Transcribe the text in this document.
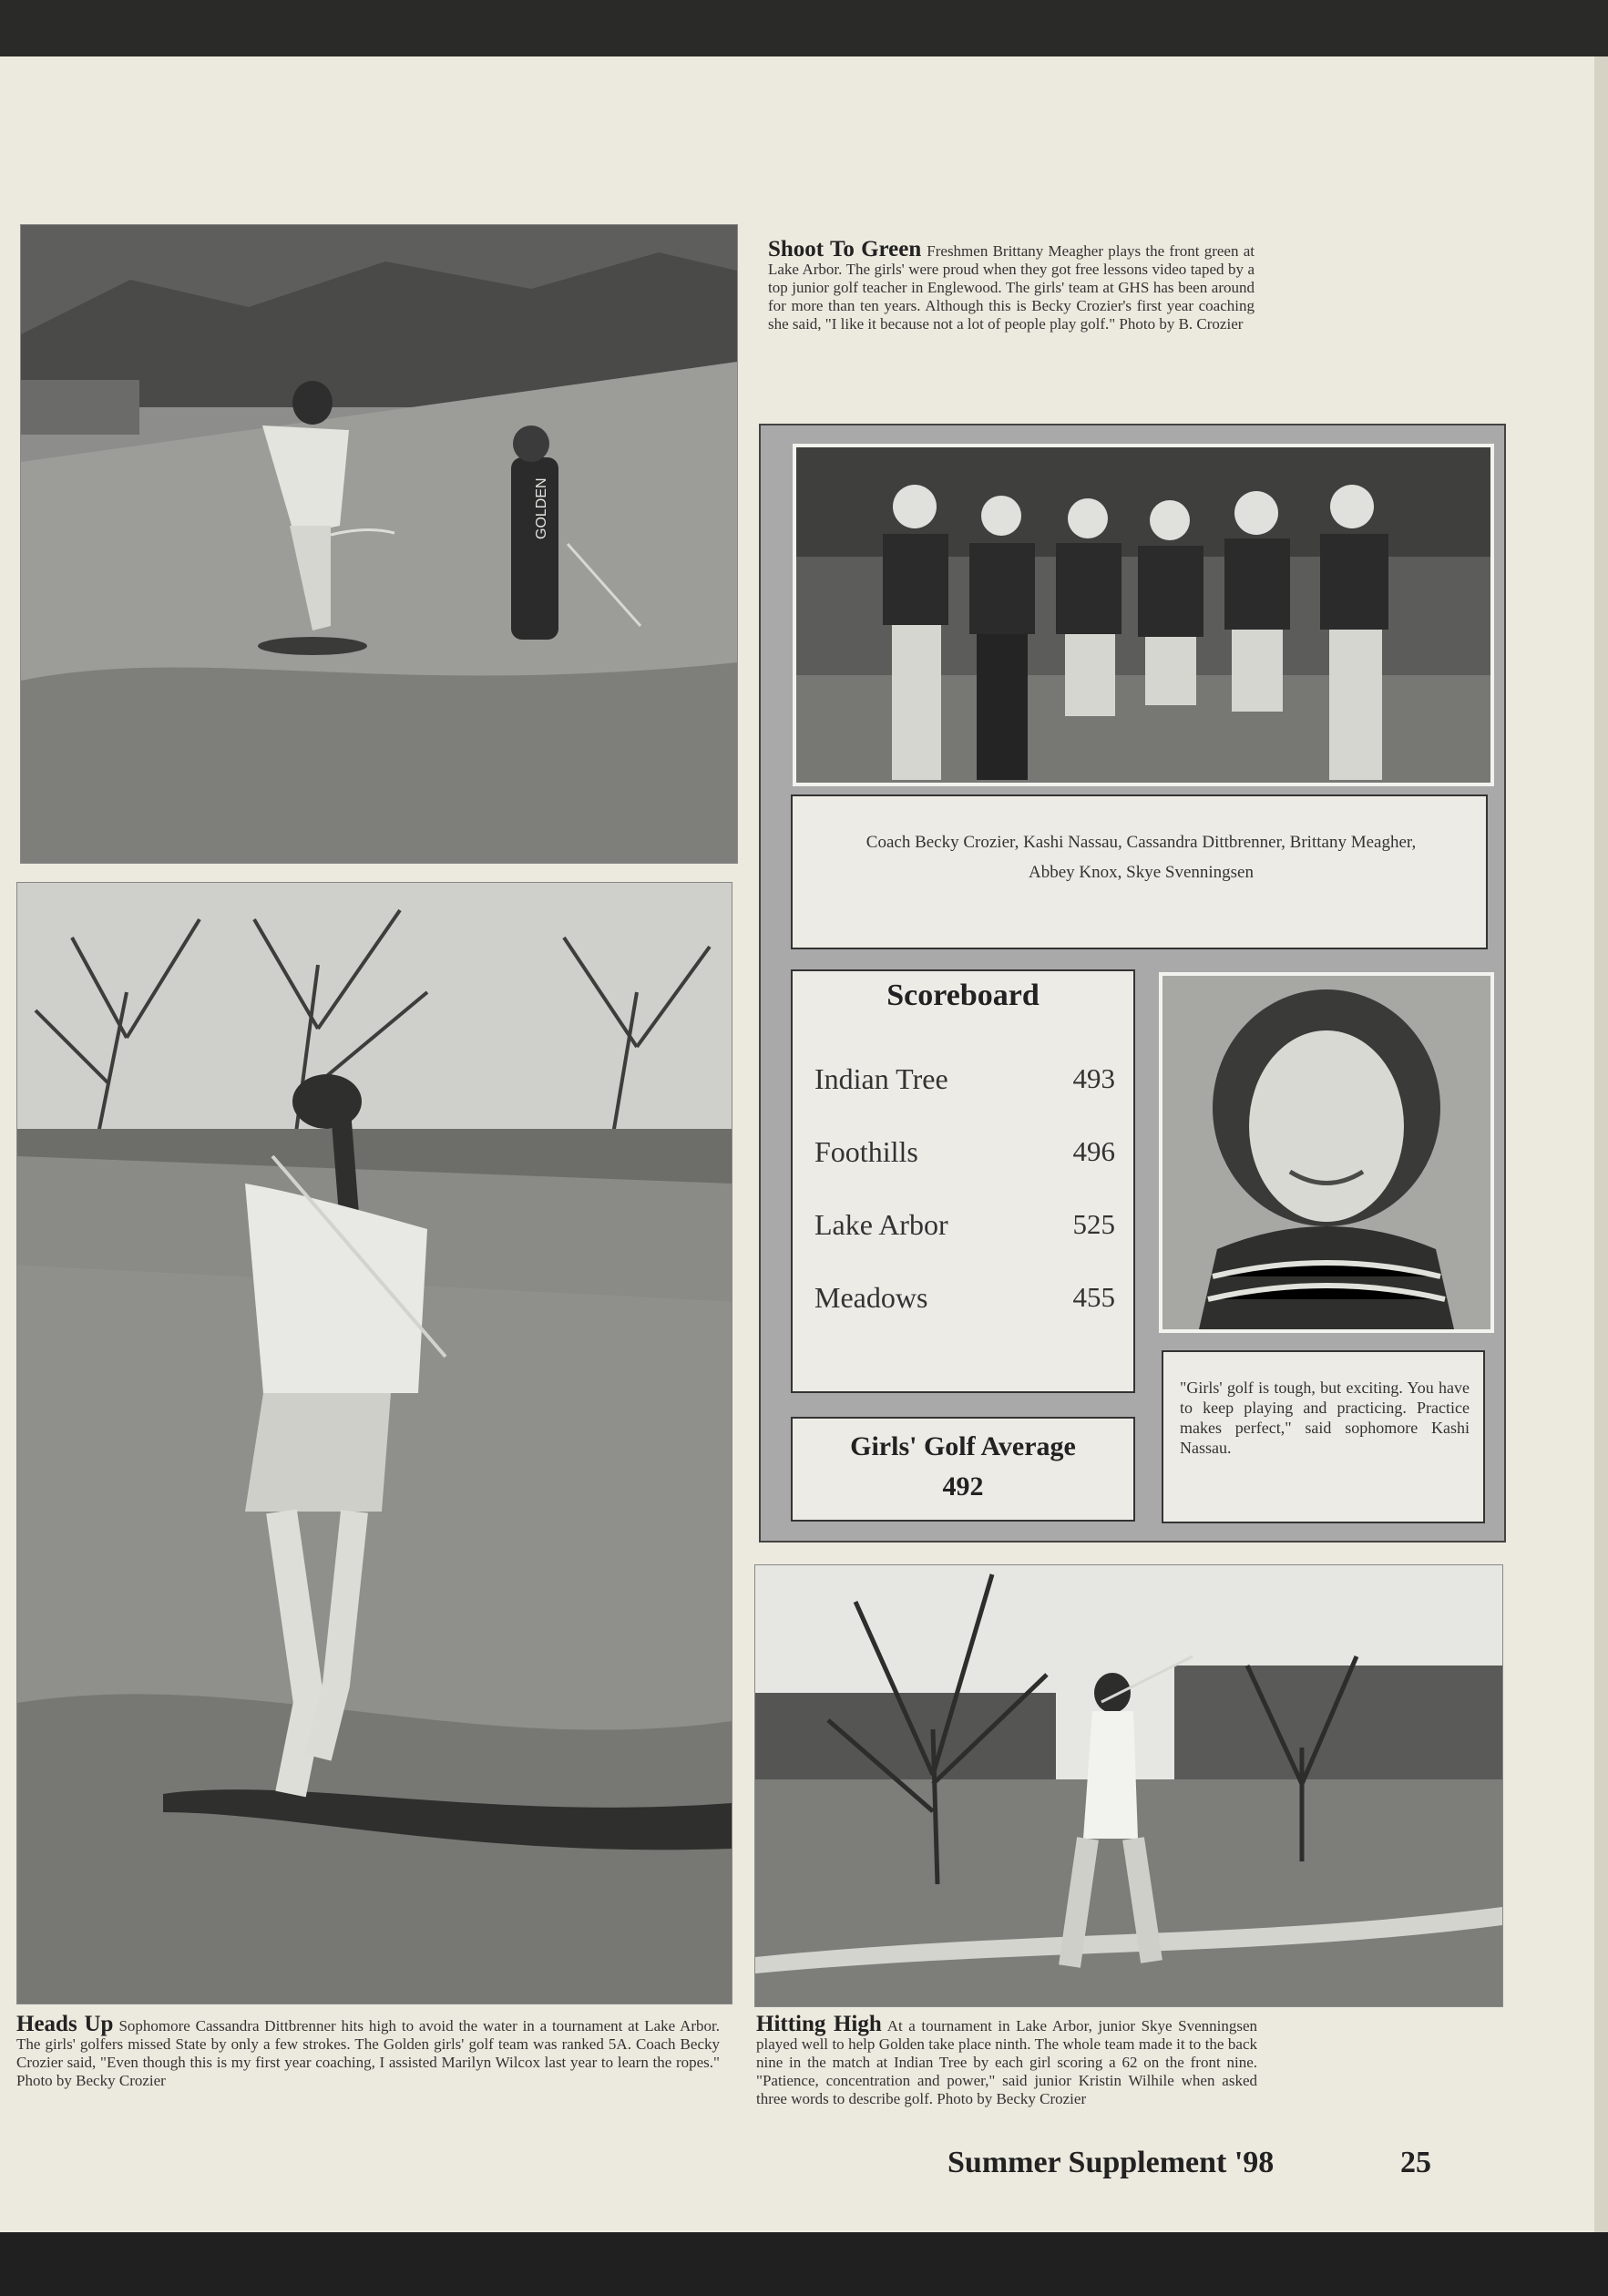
GOLDEN
Shoot To Green Freshmen Brittany Meagher plays the front green at Lake Arbor. The girls' were proud when they got free lessons video taped by a top junior golf teacher in Englewood. The girls' team at GHS has been around for more than ten years. Although this is Becky Crozier's first year coaching she said, "I like it because not a lot of people play golf." Photo by B. Crozier
Coach Becky Crozier, Kashi Nassau, Cassandra Dittbrenner, Brittany Meagher, Abbey Knox, Skye Svenningsen
Scoreboard
Indian Tree	493
Foothills	496
Lake Arbor	525
Meadows	455
Girls' Golf Average
492
"Girls' golf is tough, but exciting. You have to keep playing and practicing. Practice makes perfect," said sophomore Kashi Nassau.
Heads Up Sophomore Cassandra Dittbrenner hits high to avoid the water in a tournament at Lake Arbor. The girls' golfers missed State by only a few strokes. The Golden girls' golf team was ranked 5A. Coach Becky Crozier said, "Even though this is my first year coaching, I assisted Marilyn Wilcox last year to learn the ropes." Photo by Becky Crozier
Hitting High At a tournament in Lake Arbor, junior Skye Svenningsen played well to help Golden take place ninth. The whole team made it to the back nine in the match at Indian Tree by each girl scoring a 62 on the front nine. "Patience, concentration and power," said junior Kristin Wilhile when asked three words to describe golf. Photo by Becky Crozier
Summer Supplement '98	25
